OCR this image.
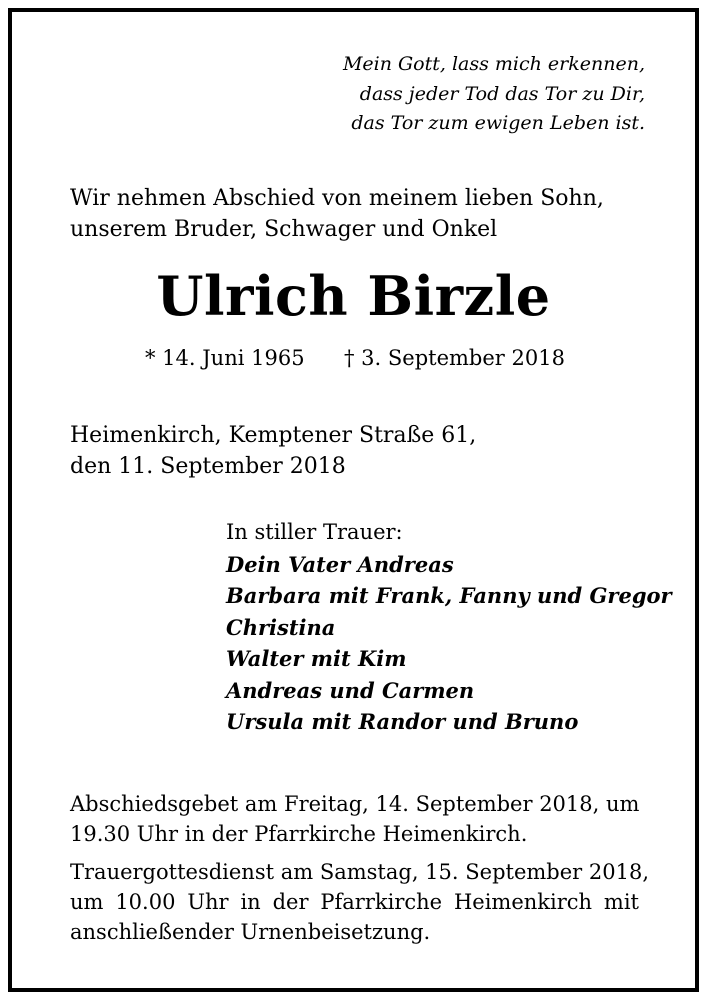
Mein Gott, lass mich erkennen,
dass jeder Tod das Tor zu Dir,
das Tor zum ewigen Leben ist.
Wir nehmen Abschied von meinem lieben Sohn,
unserem Bruder, Schwager und Onkel
Ulrich Birzle
* 14. Juni 1965 † 3. September 2018
Heimenkirch, Kemptener Straße 61,
den 11. September 2018
In stiller Trauer:
Dein Vater Andreas
Barbara mit Frank, Fanny und Gregor
Christina
Walter mit Kim
Andreas und Carmen
Ursula mit Randor und Bruno
Abschiedsgebet am Freitag, 14. September 2018, um
19.30 Uhr in der Pfarrkirche Heimenkirch.
Trauergottesdienst am Samstag, 15. September 2018,
um 10.00 Uhr in der Pfarrkirche Heimenkirch mit
anschließender Urnenbeisetzung.
